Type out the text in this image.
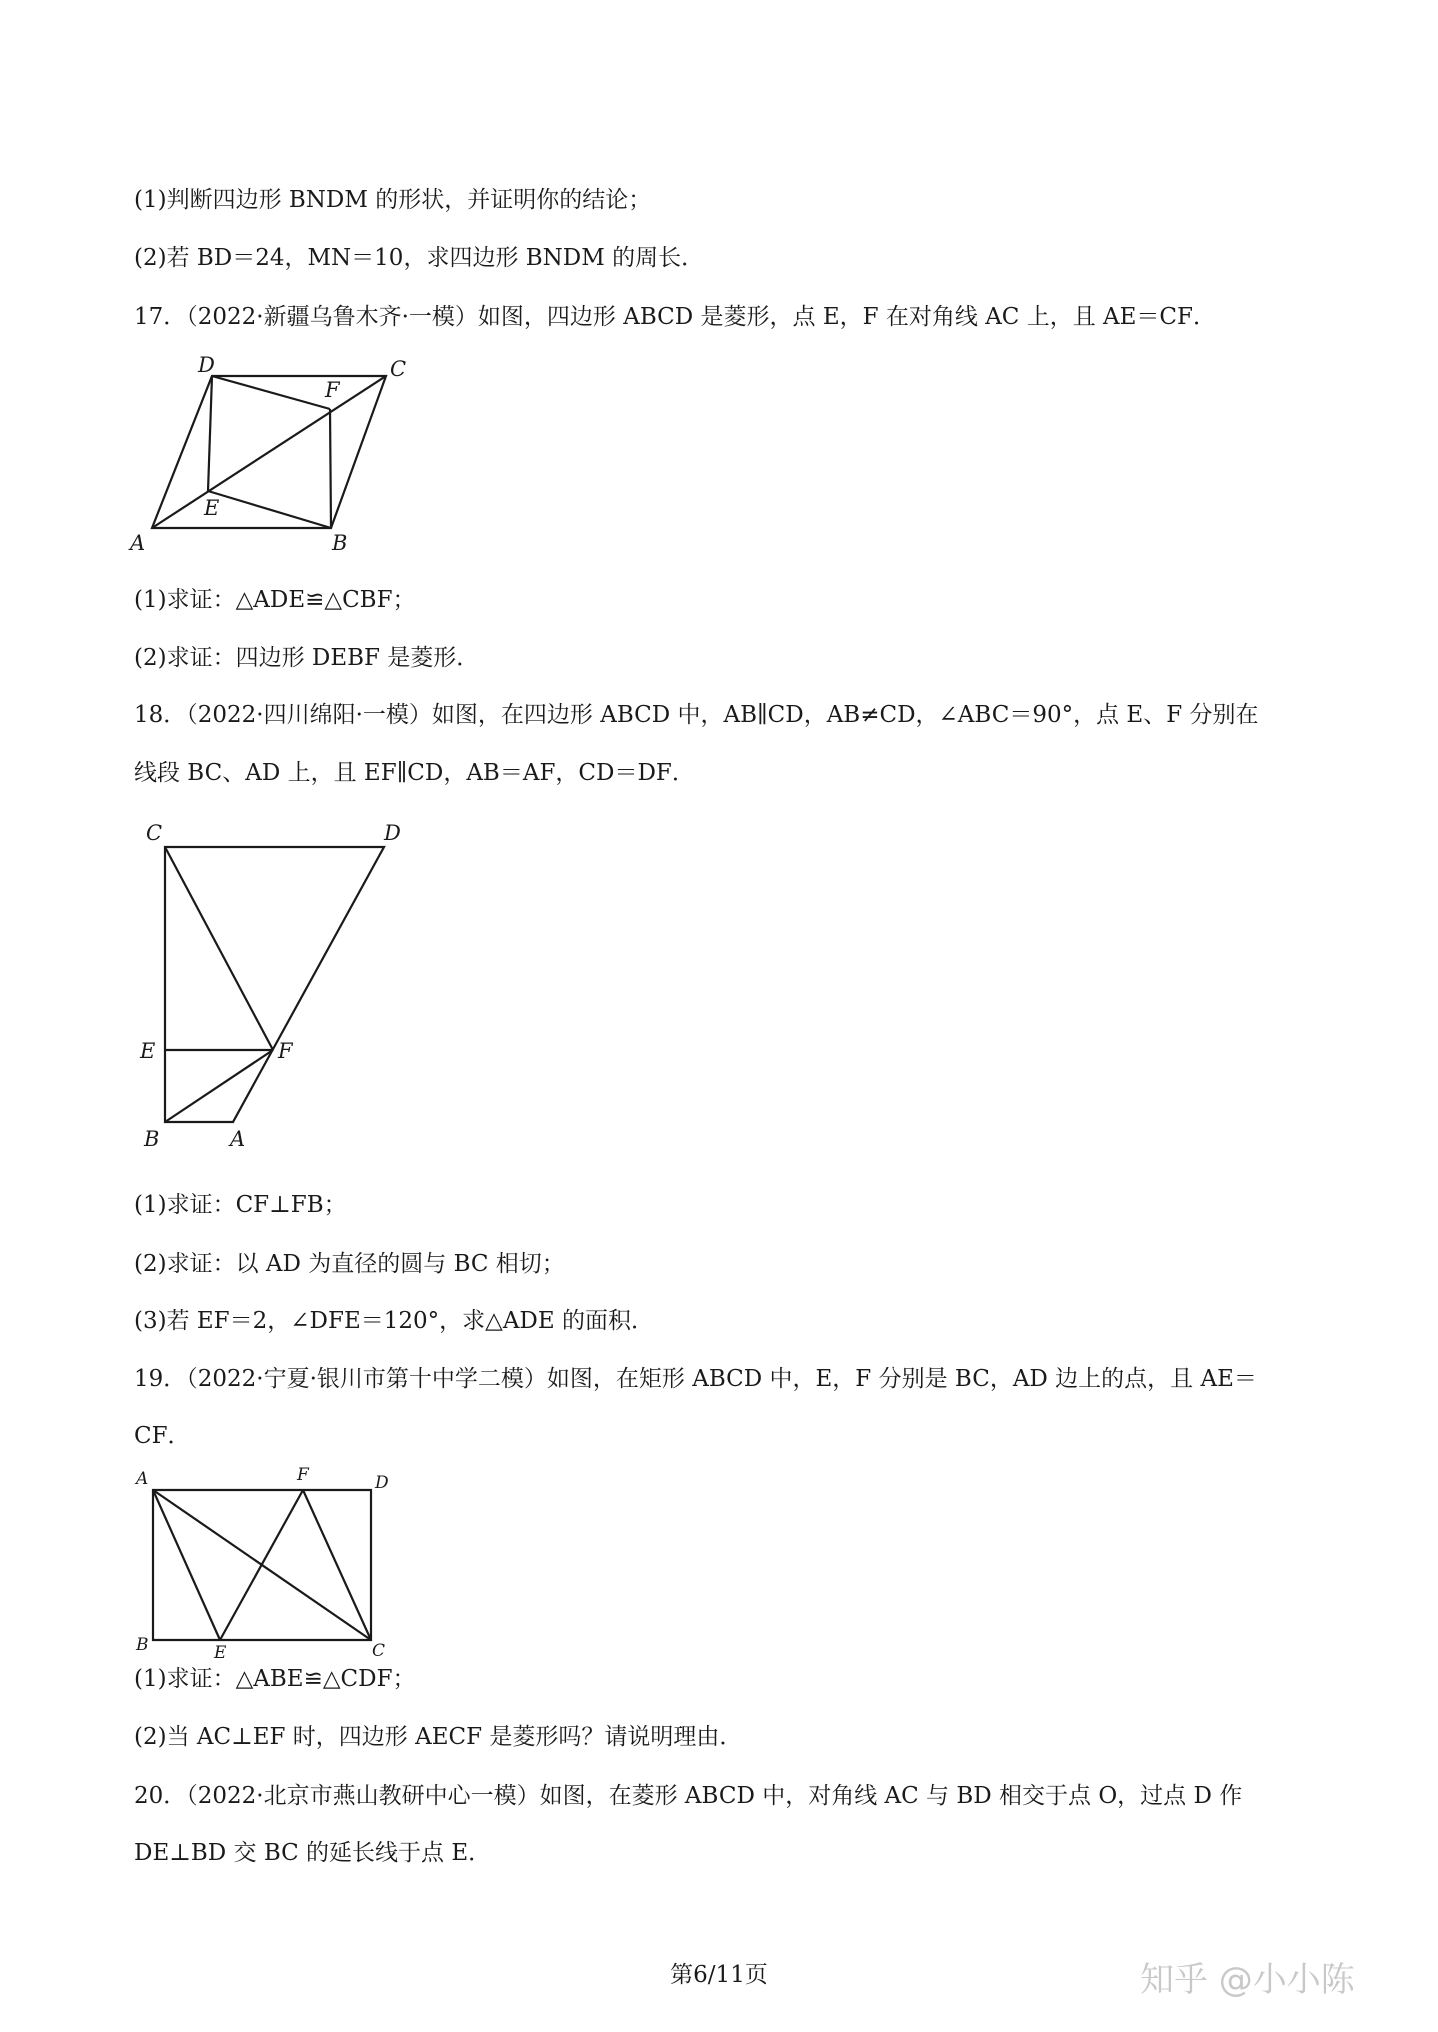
(1)判断四边形 BNDM 的形状，并证明你的结论；
(2)若 BD＝24，MN＝10，求四边形 BNDM 的周长．
17．（2022·新疆乌鲁木齐·一模）如图，四边形 ABCD 是菱形，点 E，F 在对角线 AC 上，且 AE＝CF．
(1)求证：△ADE≌△CBF；
(2)求证：四边形 DEBF 是菱形．
18．（2022·四川绵阳·一模）如图，在四边形 ABCD 中，AB∥CD，AB≠CD，∠ABC＝90°，点 E、F 分别在
线段 BC、AD 上，且 EF∥CD，AB＝AF，CD＝DF．
(1)求证：CF⊥FB；
(2)求证：以 AD 为直径的圆与 BC 相切；
(3)若 EF＝2，∠DFE＝120°，求△ADE 的面积．
19．（2022·宁夏·银川市第十中学二模）如图，在矩形 ABCD 中，E，F 分别是 BC，AD 边上的点，且 AE＝
CF．
(1)求证：△ABE≌△CDF；
(2)当 AC⊥EF 时，四边形 AECF 是菱形吗？请说明理由．
20．（2022·北京市燕山教研中心一模）如图，在菱形 ABCD 中，对角线 AC 与 BD 相交于点 O，过点 D 作
DE⊥BD 交 BC 的延长线于点 E．
D	C
F
E
A	B
C	D
E	F
B	A
A	F	D
B	E	C
第6/11页	知乎 @小小陈
